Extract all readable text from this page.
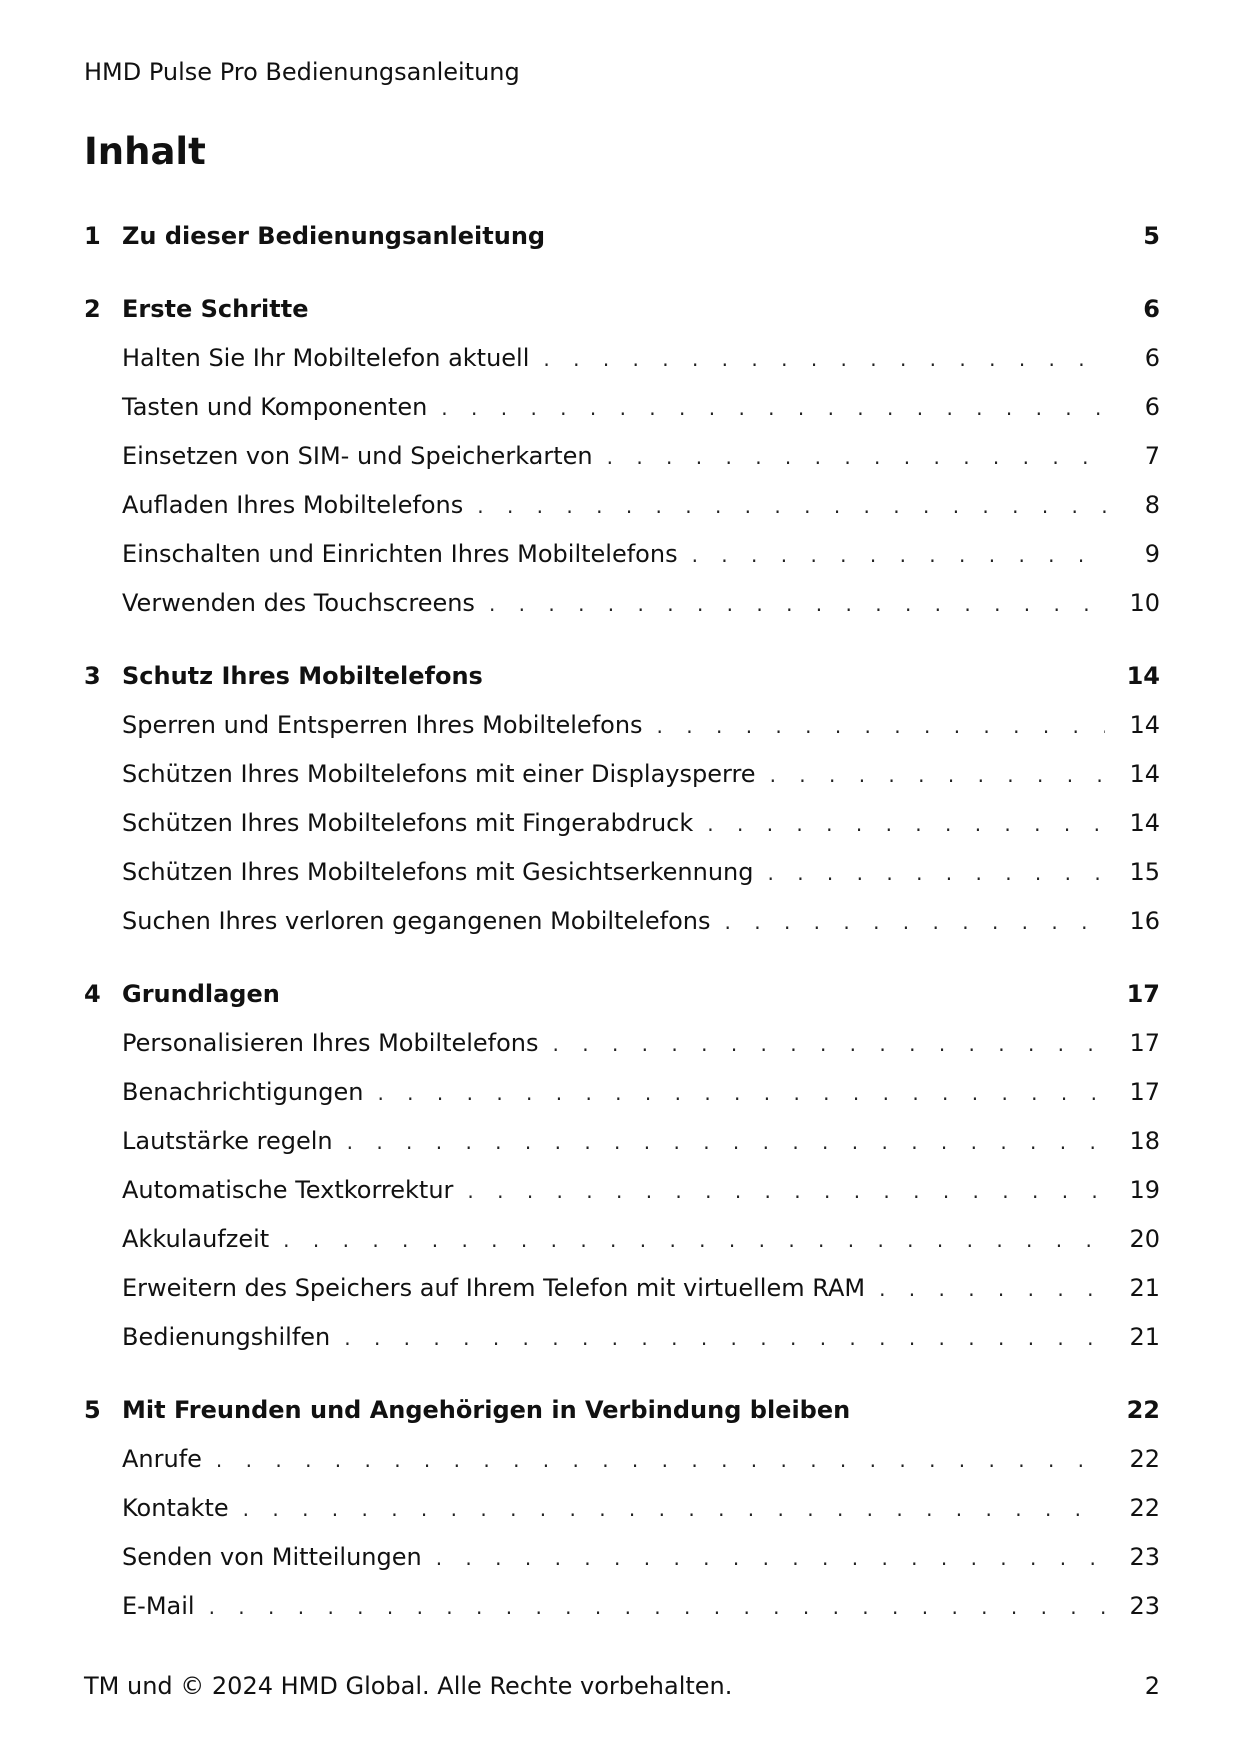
HMD Pulse Pro Bedienungsanleitung
Inhalt
1 Zu dieser Bedienungsanleitung	5
2 Erste Schritte	6
Halten Sie Ihr Mobiltelefon aktuell . . .	6
Tasten und Komponenten . . .	6
Einsetzen von SIM- und Speicherkarten . . .	7
Aufladen Ihres Mobiltelefons . . .	8
Einschalten und Einrichten Ihres Mobiltelefons . . .	9
Verwenden des Touchscreens . . .	10
3 Schutz Ihres Mobiltelefons	14
Sperren und Entsperren Ihres Mobiltelefons . . .	14
Schützen Ihres Mobiltelefons mit einer Displaysperre . . .	14
Schützen Ihres Mobiltelefons mit Fingerabdruck . . .	14
Schützen Ihres Mobiltelefons mit Gesichtserkennung . . .	15
Suchen Ihres verloren gegangenen Mobiltelefons . . .	16
4 Grundlagen	17
Personalisieren Ihres Mobiltelefons . . .	17
Benachrichtigungen . . .	17
Lautstärke regeln . . .	18
Automatische Textkorrektur . . .	19
Akkulaufzeit . . .	20
Erweitern des Speichers auf Ihrem Telefon mit virtuellem RAM . . .	21
Bedienungshilfen . . .	21
5 Mit Freunden und Angehörigen in Verbindung bleiben	22
Anrufe . . .	22
Kontakte . . .	22
Senden von Mitteilungen . . .	23
E-Mail . . .	23
TM und © 2024 HMD Global. Alle Rechte vorbehalten.	2
